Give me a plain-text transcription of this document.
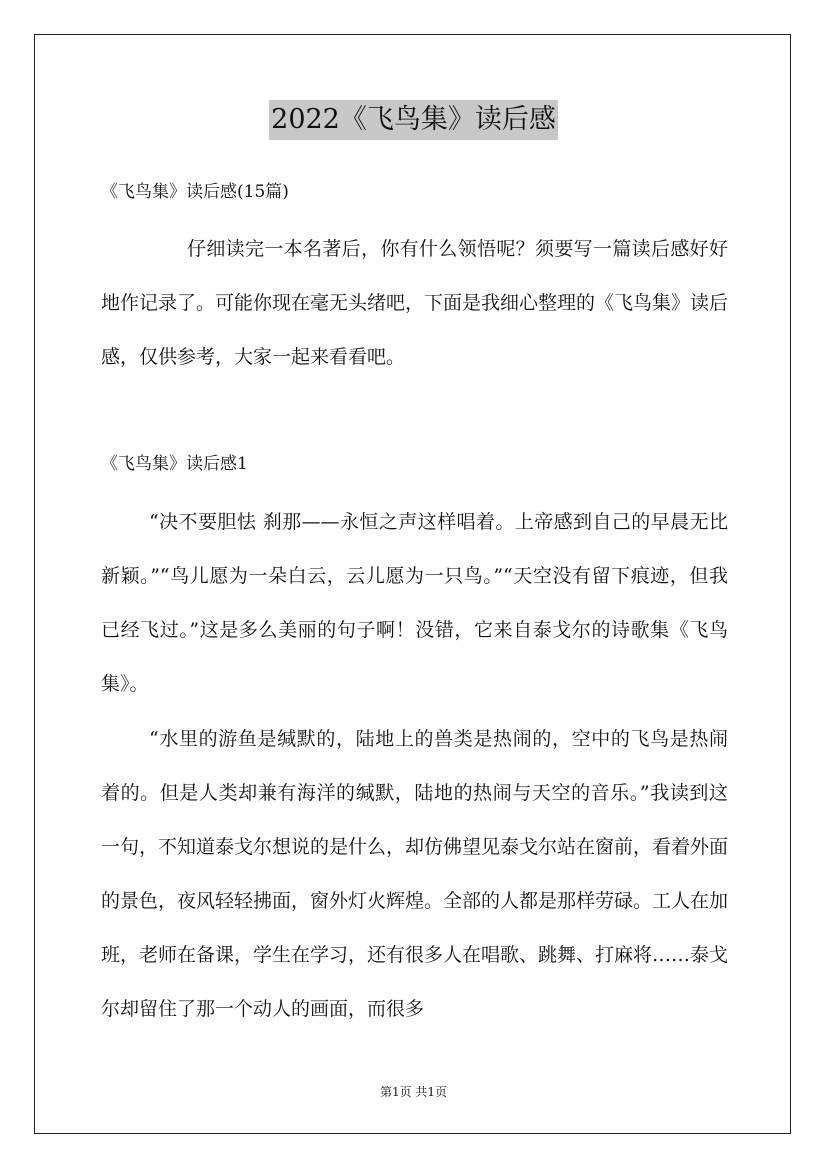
2022《飞鸟集》读后感
《飞鸟集》读后感(15篇)

仔细读完一本名著后，你有什么领悟呢？须要写一篇读后感好好地作记录了。可能你现在毫无头绪吧，下面是我细心整理的《飞鸟集》读后感，仅供参考，大家一起来看看吧。

《飞鸟集》读后感1

“决不要胆怯 刹那——永恒之声这样唱着。上帝感到自己的早晨无比新颖。”“鸟儿愿为一朵白云，云儿愿为一只鸟。”“天空没有留下痕迹，但我已经飞过。”这是多么美丽的句子啊！没错，它来自泰戈尔的诗歌集《飞鸟集》。

“水里的游鱼是缄默的，陆地上的兽类是热闹的，空中的飞鸟是热闹着的。但是人类却兼有海洋的缄默，陆地的热闹与天空的音乐。”我读到这一句，不知道泰戈尔想说的是什么，却仿佛望见泰戈尔站在窗前，看着外面的景色，夜风轻轻拂面，窗外灯火辉煌。全部的人都是那样劳碌。工人在加班，老师在备课，学生在学习，还有很多人在唱歌、跳舞、打麻将……泰戈尔却留住了那一个动人的画面，而很多

第1页 共1页
